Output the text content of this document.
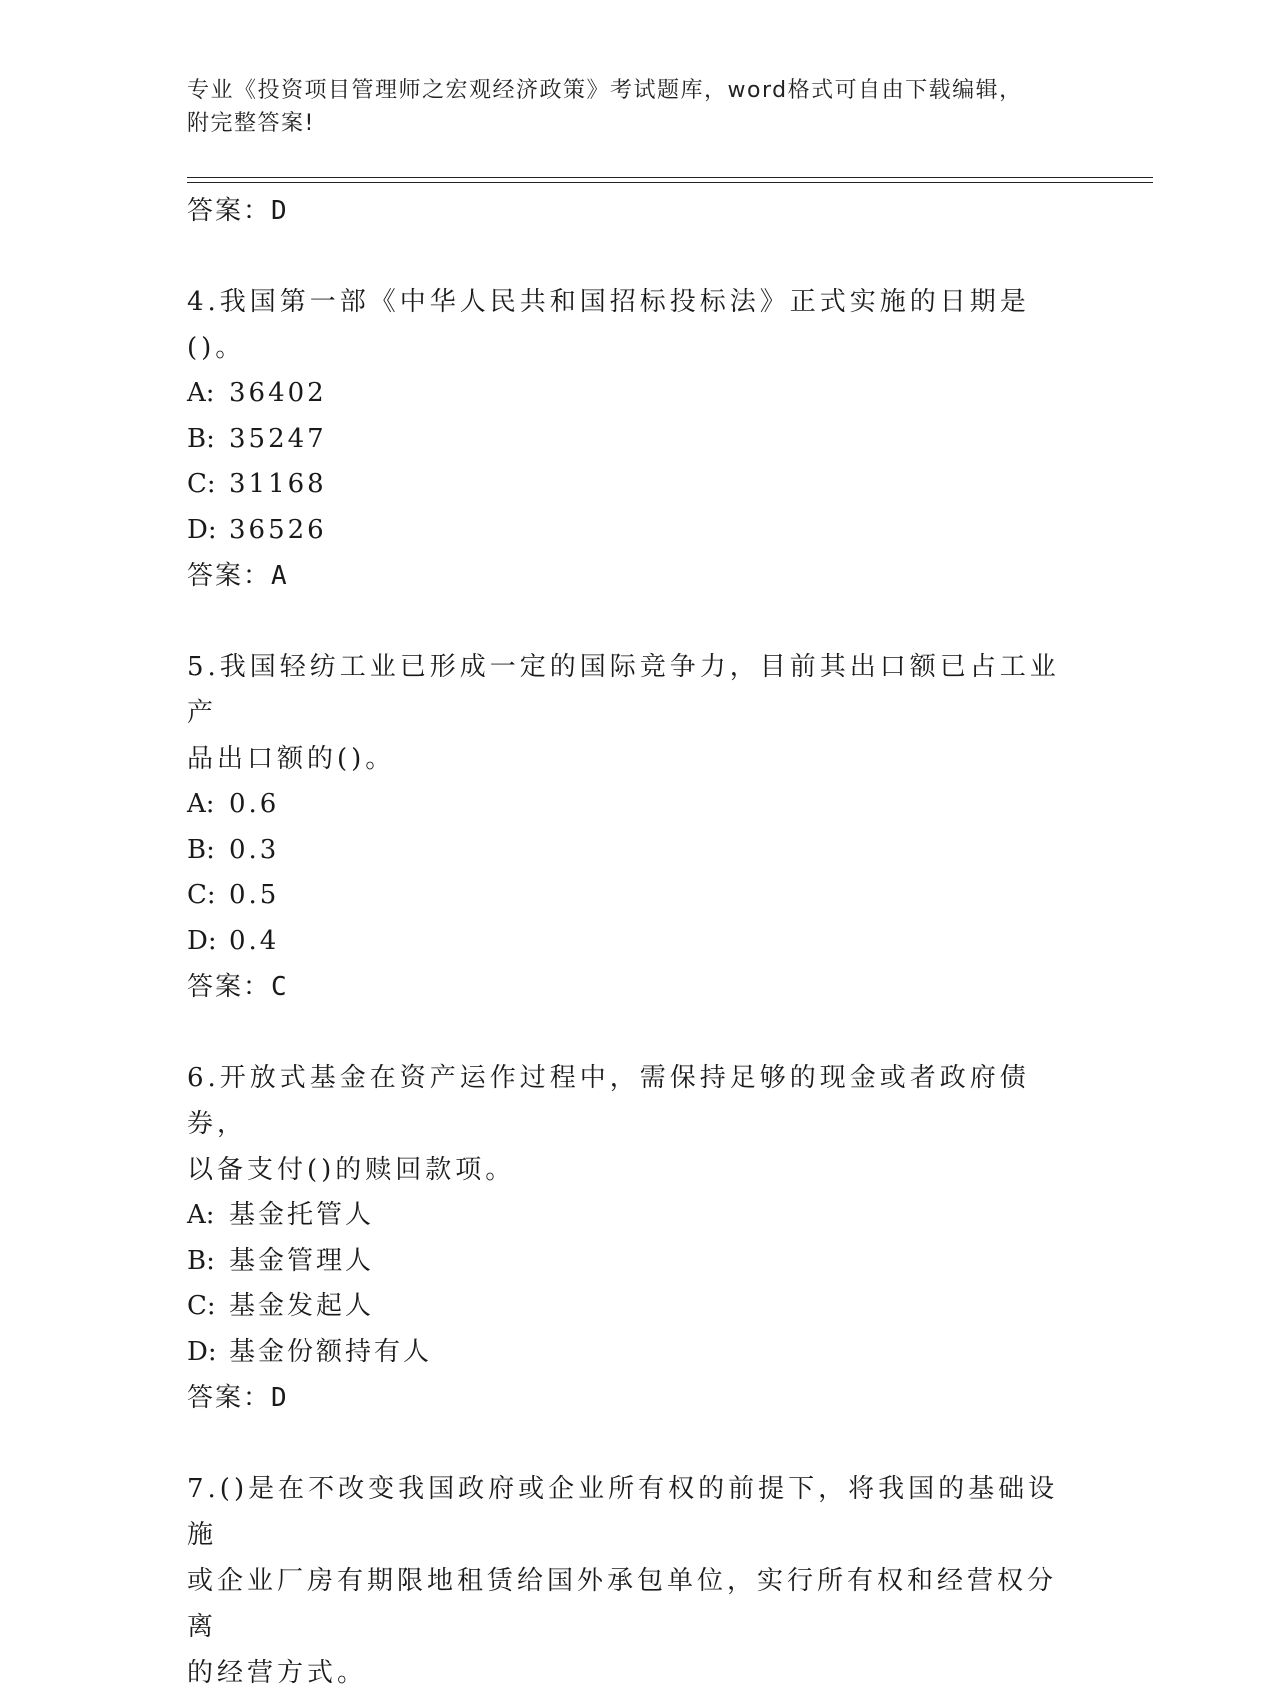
专业《投资项目管理师之宏观经济政策》考试题库，word格式可自由下载编辑，
附完整答案!
答案：D
4.我国第一部《中华人民共和国招标投标法》正式实施的日期是()。
A: 36402
B: 35247
C: 31168
D: 36526
答案：A
5.我国轻纺工业已形成一定的国际竞争力，目前其出口额已占工业产
品出口额的()。
A: 0.6
B: 0.3
C: 0.5
D: 0.4
答案：C
6.开放式基金在资产运作过程中，需保持足够的现金或者政府债券，
以备支付()的赎回款项。
A: 基金托管人
B: 基金管理人
C: 基金发起人
D: 基金份额持有人
答案：D
7.()是在不改变我国政府或企业所有权的前提下，将我国的基础设施
或企业厂房有期限地租赁给国外承包单位，实行所有权和经营权分离
的经营方式。
